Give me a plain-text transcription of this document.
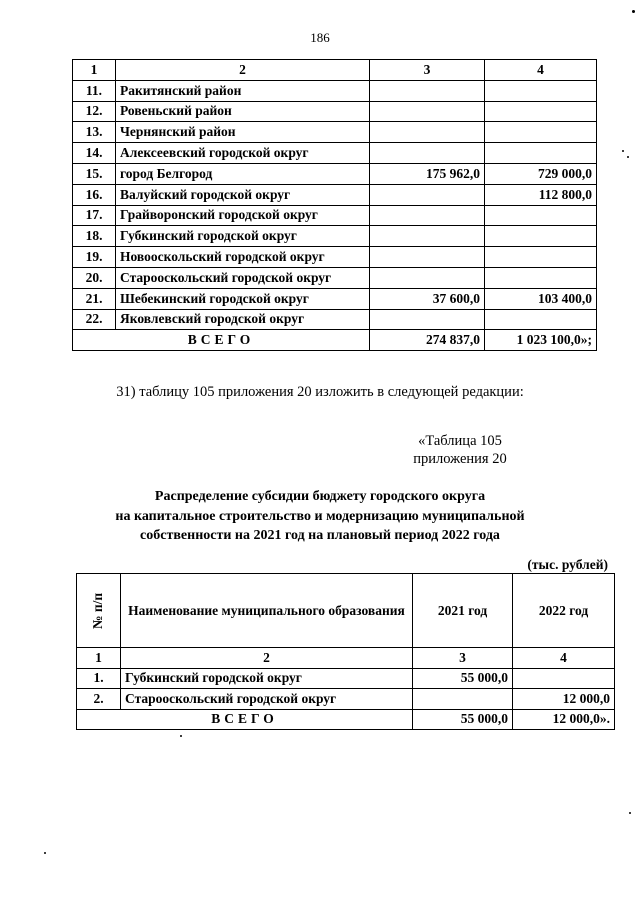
186
1	2	3	4
11.	Ракитянский район		
12.	Ровеньский район		
13.	Чернянский район		
14.	Алексеевский городской округ		
15.	город Белгород	175 962,0	729 000,0
16.	Валуйский городской округ		112 800,0
17.	Грайворонский городской округ		
18.	Губкинский городской округ		
19.	Новооскольский городской округ		
20.	Старооскольский городской округ		
21.	Шебекинский городской округ	37 600,0	103 400,0
22.	Яковлевский городской округ		
ВСЕГО		274 837,0	1 023 100,0»;
31) таблицу 105 приложения 20 изложить в следующей редакции:
«Таблица 105
приложения 20
Распределение субсидии бюджету городского округа
на капитальное строительство и модернизацию муниципальной
собственности на 2021 год на плановый период 2022 года
(тыс. рублей)
№ п/п	Наименование муниципального образования	2021 год	2022 год
1	2	3	4
1.	Губкинский городской округ	55 000,0	
2.	Старооскольский городской округ		12 000,0
ВСЕГО		55 000,0	12 000,0».
